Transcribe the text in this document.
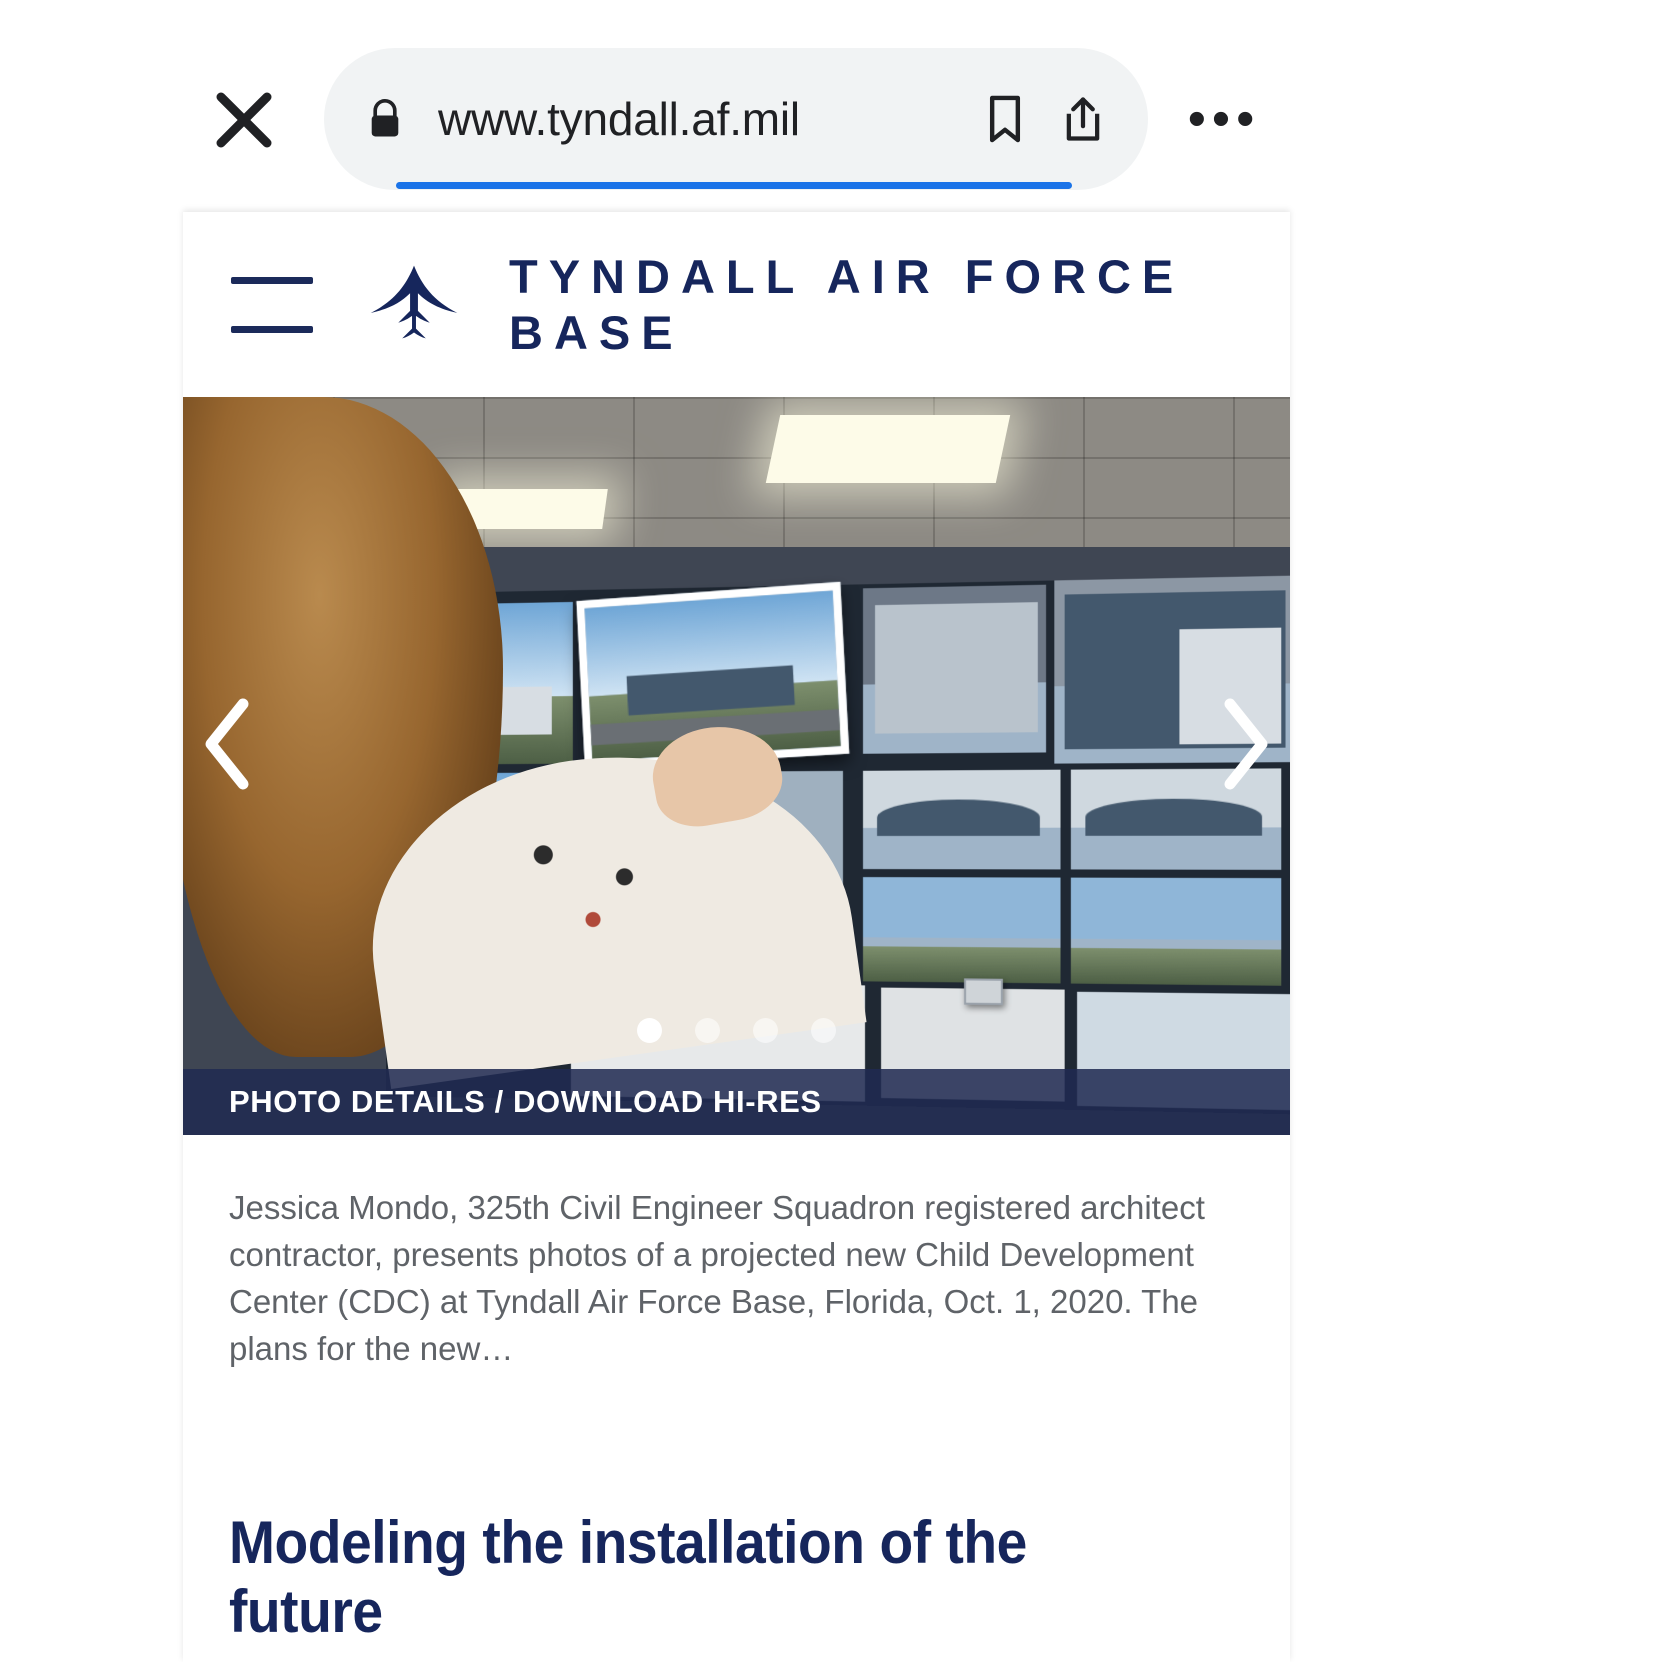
www.tyndall.af.mil	•••
TYNDALL AIR FORCE BASE
PHOTO DETAILS / DOWNLOAD HI-RES
Jessica Mondo, 325th Civil Engineer Squadron registered architect contractor, presents photos of a projected new Child Development Center (CDC) at Tyndall Air Force Base, Florida, Oct. 1, 2020. The plans for the new…
Modeling the installation of the future
